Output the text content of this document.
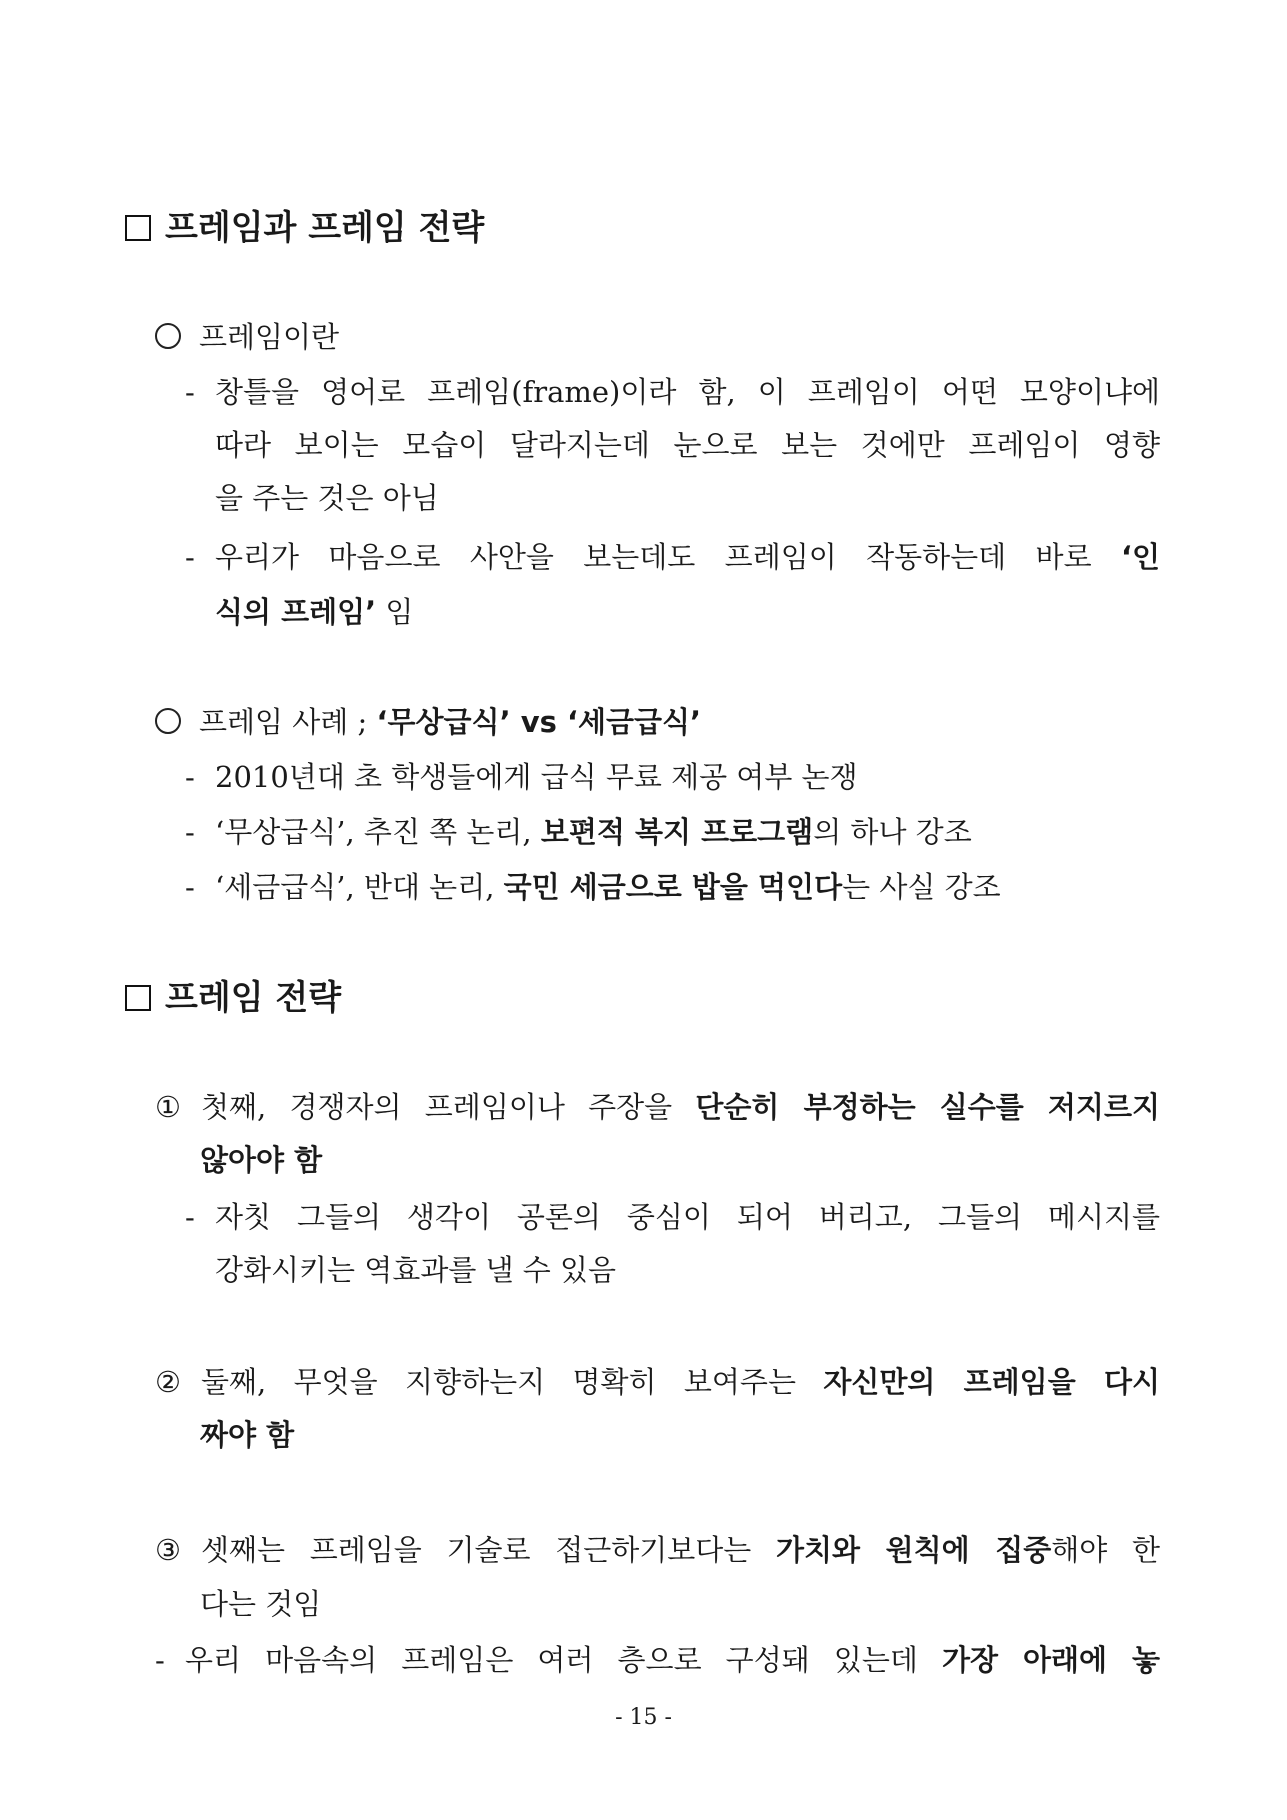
프레임과 프레임 전략
프레임이란
- 창틀을 영어로 프레임(frame)이라 함, 이 프레임이 어떤 모양이냐에
따라 보이는 모습이 달라지는데 눈으로 보는 것에만 프레임이 영향
을 주는 것은 아님
- 우리가 마음으로 사안을 보는데도 프레임이 작동하는데 바로 ‘인
식의 프레임’ 임
프레임 사례 ; ‘무상급식’ vs ‘세금급식’
- 2010년대 초 학생들에게 급식 무료 제공 여부 논쟁
- ‘무상급식’, 추진 쪽 논리, 보편적 복지 프로그램의 하나 강조
- ‘세금급식’, 반대 논리, 국민 세금으로 밥을 먹인다는 사실 강조
프레임 전략
① 첫째, 경쟁자의 프레임이나 주장을 단순히 부정하는 실수를 저지르지
않아야 함
- 자칫 그들의 생각이 공론의 중심이 되어 버리고, 그들의 메시지를
강화시키는 역효과를 낼 수 있음
② 둘째, 무엇을 지향하는지 명확히 보여주는 자신만의 프레임을 다시
짜야 함
③ 셋째는 프레임을 기술로 접근하기보다는 가치와 원칙에 집중해야 한
다는 것임
- 우리 마음속의 프레임은 여러 층으로 구성돼 있는데 가장 아래에 놓
- 15 -
